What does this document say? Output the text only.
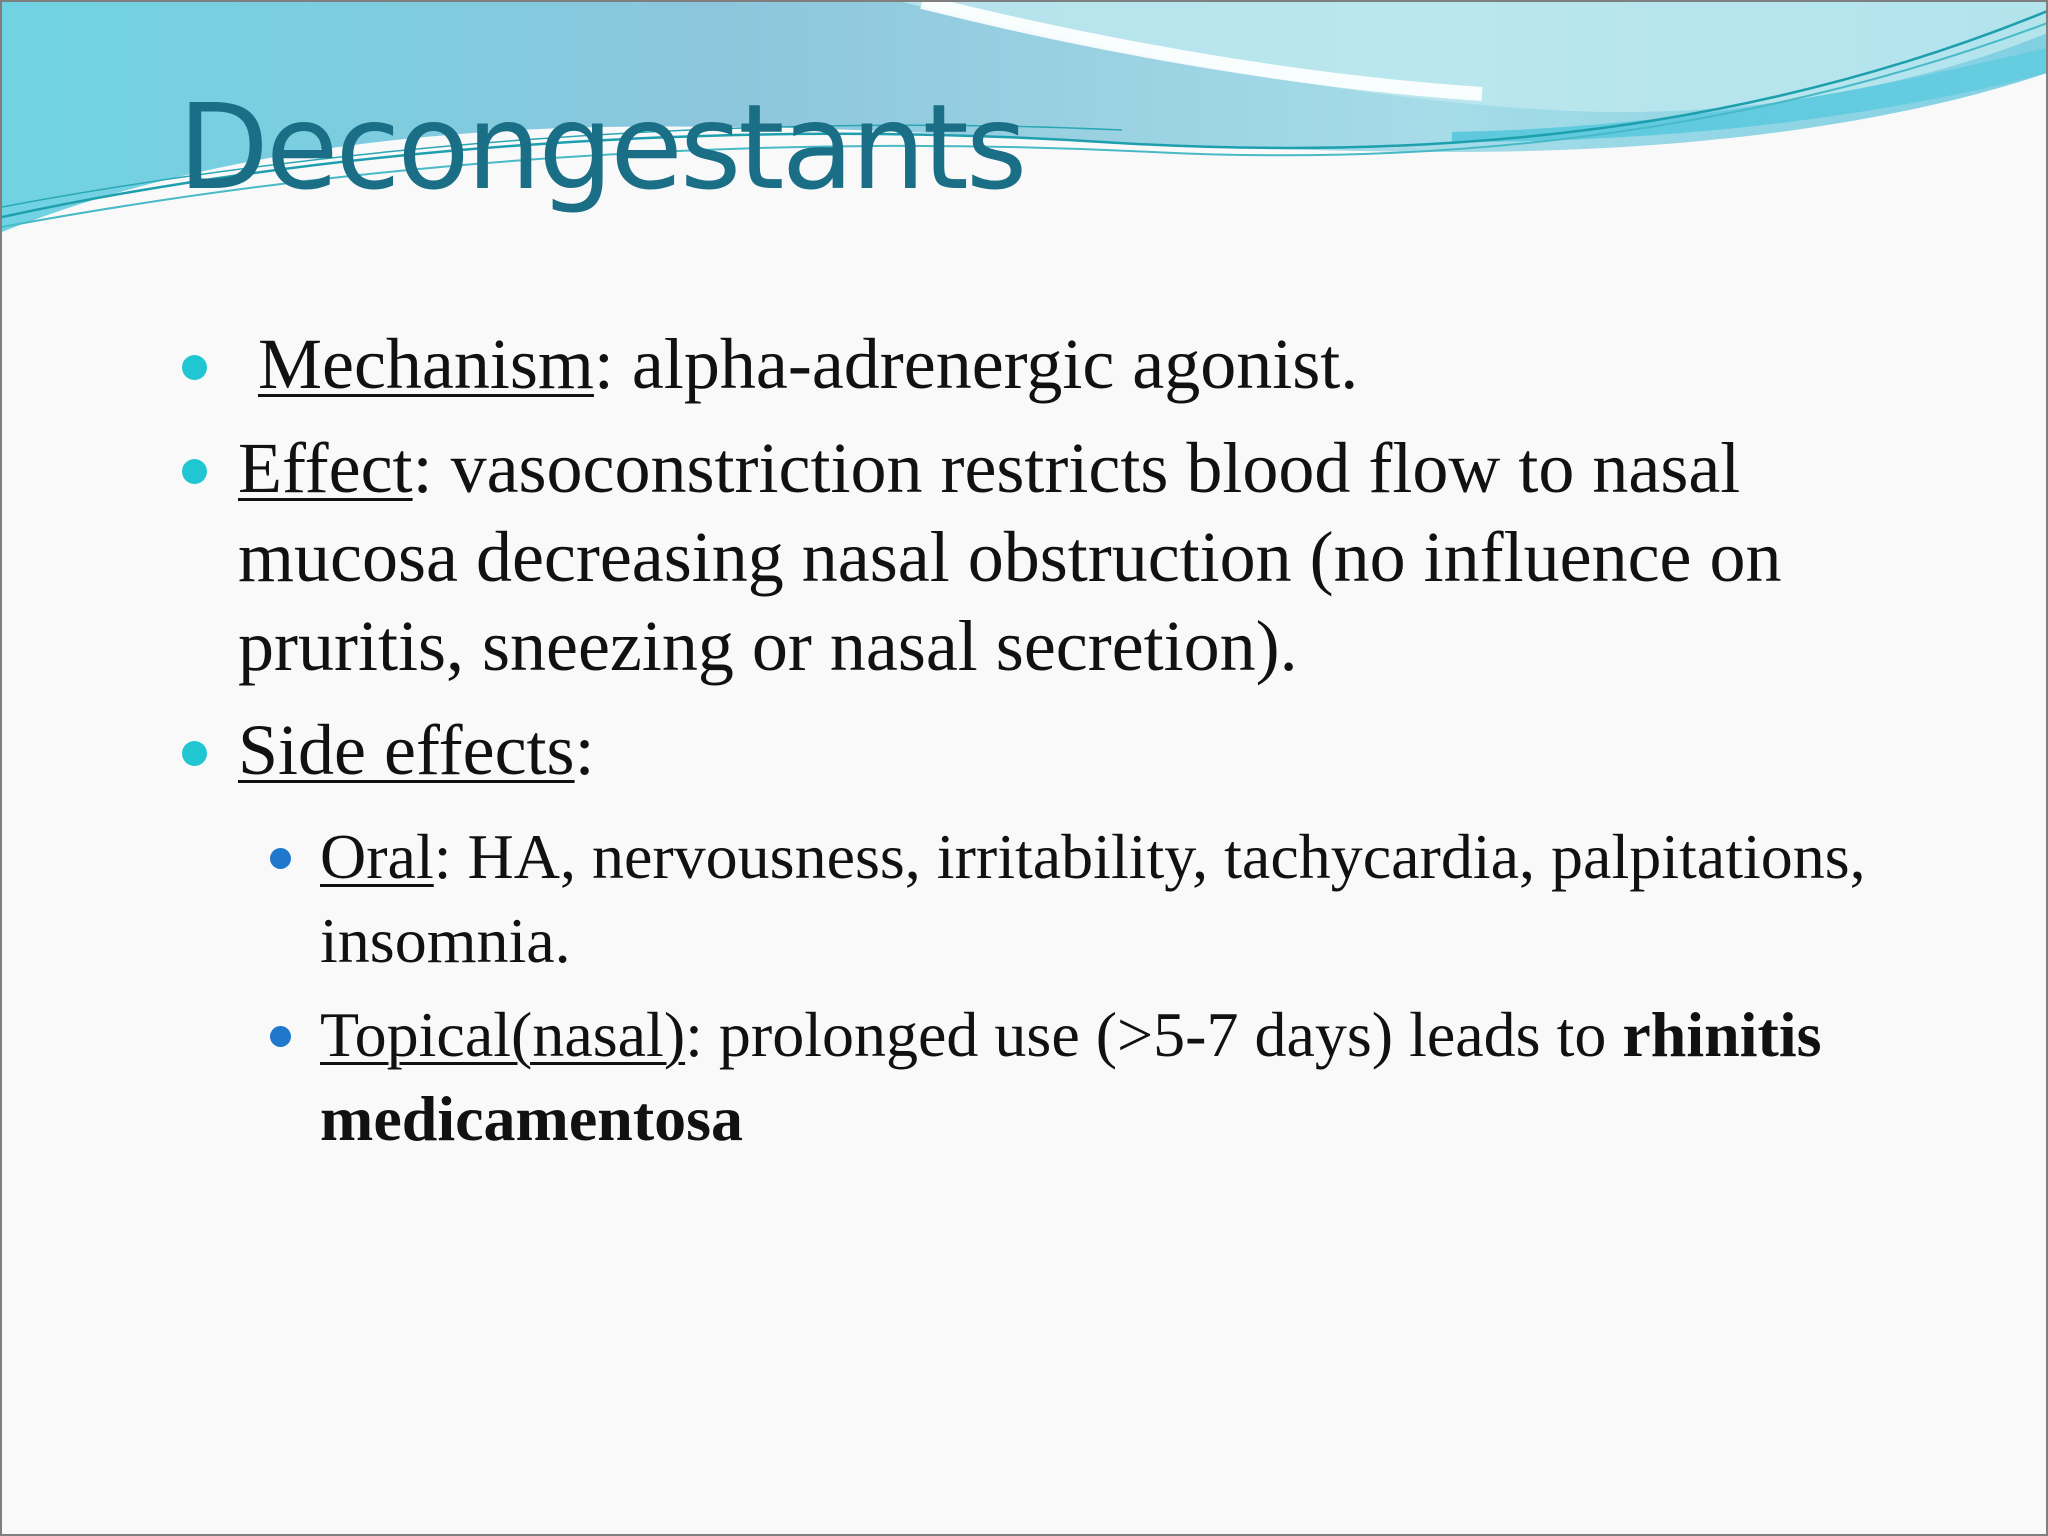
Decongestants
Mechanism: alpha-adrenergic agonist.
Effect: vasoconstriction restricts blood flow to nasal mucosa decreasing nasal obstruction (no influence on pruritis, sneezing or nasal secretion).
Side effects:
Oral: HA, nervousness, irritability, tachycardia, palpitations, insomnia.
Topical(nasal): prolonged use (>5-7 days) leads to rhinitis medicamentosa
